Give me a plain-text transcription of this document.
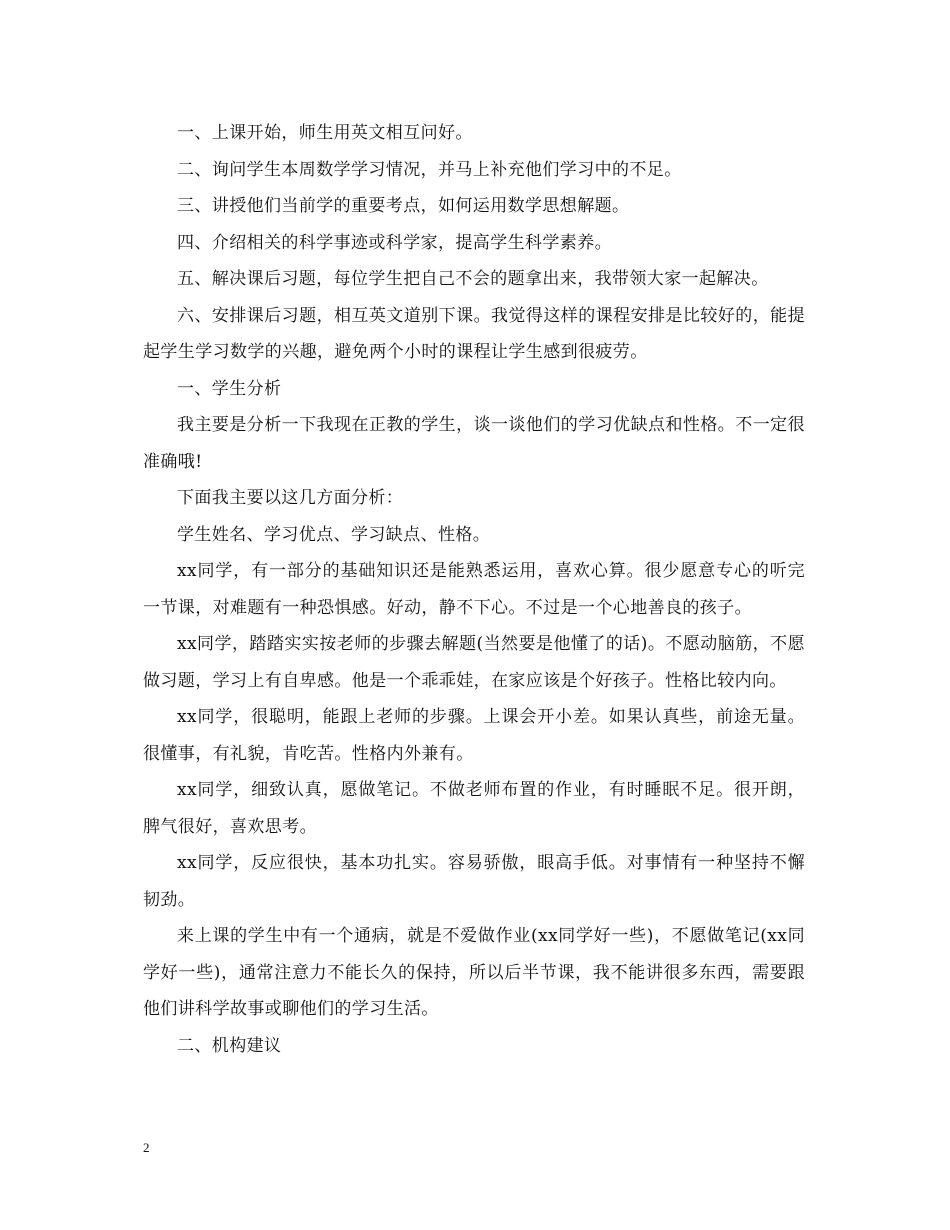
一、上课开始，师生用英文相互问好。

二、询问学生本周数学学习情况，并马上补充他们学习中的不足。

三、讲授他们当前学的重要考点，如何运用数学思想解题。

四、介绍相关的科学事迹或科学家，提高学生科学素养。

五、解决课后习题，每位学生把自己不会的题拿出来，我带领大家一起解决。

六、安排课后习题，相互英文道别下课。我觉得这样的课程安排是比较好的，能提起学生学习数学的兴趣，避免两个小时的课程让学生感到很疲劳。

一、学生分析

我主要是分析一下我现在正教的学生，谈一谈他们的学习优缺点和性格。不一定很准确哦!

下面我主要以这几方面分析：

学生姓名、学习优点、学习缺点、性格。

xx同学，有一部分的基础知识还是能熟悉运用，喜欢心算。很少愿意专心的听完一节课，对难题有一种恐惧感。好动，静不下心。不过是一个心地善良的孩子。

xx同学，踏踏实实按老师的步骤去解题(当然要是他懂了的话)。不愿动脑筋，不愿做习题，学习上有自卑感。他是一个乖乖娃，在家应该是个好孩子。性格比较内向。

xx同学，很聪明，能跟上老师的步骤。上课会开小差。如果认真些，前途无量。很懂事，有礼貌，肯吃苦。性格内外兼有。

xx同学，细致认真，愿做笔记。不做老师布置的作业，有时睡眠不足。很开朗，脾气很好，喜欢思考。

xx同学，反应很快，基本功扎实。容易骄傲，眼高手低。对事情有一种坚持不懈韧劲。

来上课的学生中有一个通病，就是不爱做作业(xx同学好一些)，不愿做笔记(xx同学好一些)，通常注意力不能长久的保持，所以后半节课，我不能讲很多东西，需要跟他们讲科学故事或聊他们的学习生活。

二、机构建议

2
